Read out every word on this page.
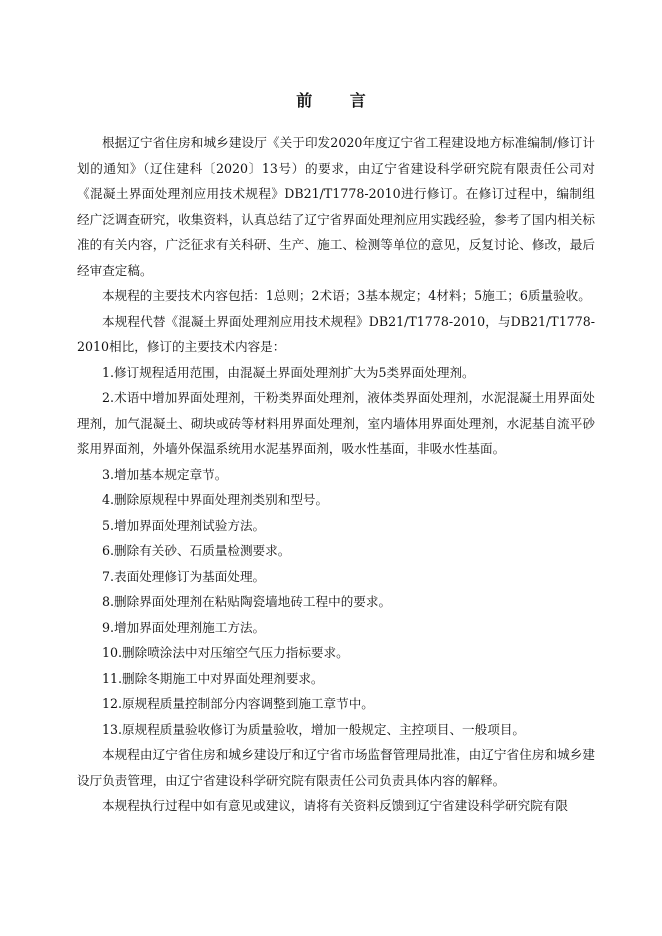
前 言

根据辽宁省住房和城乡建设厅《关于印发2020年度辽宁省工程建设地方标准编制/修订计划的通知》（辽住建科〔2020〕13号）的要求，由辽宁省建设科学研究院有限责任公司对《混凝土界面处理剂应用技术规程》DB21/T1778-2010进行修订。在修订过程中，编制组经广泛调查研究，收集资料，认真总结了辽宁省界面处理剂应用实践经验，参考了国内相关标准的有关内容，广泛征求有关科研、生产、施工、检测等单位的意见，反复讨论、修改，最后经审查定稿。

本规程的主要技术内容包括：1总则；2术语；3基本规定；4材料；5施工；6质量验收。

本规程代替《混凝土界面处理剂应用技术规程》DB21/T1778-2010，与DB21/T1778-2010相比，修订的主要技术内容是：

1.修订规程适用范围，由混凝土界面处理剂扩大为5类界面处理剂。

2.术语中增加界面处理剂，干粉类界面处理剂，液体类界面处理剂，水泥混凝土用界面处理剂，加气混凝土、砌块或砖等材料用界面处理剂，室内墙体用界面处理剂，水泥基自流平砂浆用界面剂，外墙外保温系统用水泥基界面剂，吸水性基面，非吸水性基面。

3.增加基本规定章节。

4.删除原规程中界面处理剂类别和型号。

5.增加界面处理剂试验方法。

6.删除有关砂、石质量检测要求。

7.表面处理修订为基面处理。

8.删除界面处理剂在粘贴陶瓷墙地砖工程中的要求。

9.增加界面处理剂施工方法。

10.删除喷涂法中对压缩空气压力指标要求。

11.删除冬期施工中对界面处理剂要求。

12.原规程质量控制部分内容调整到施工章节中。

13.原规程质量验收修订为质量验收，增加一般规定、主控项目、一般项目。

本规程由辽宁省住房和城乡建设厅和辽宁省市场监督管理局批准，由辽宁省住房和城乡建设厅负责管理，由辽宁省建设科学研究院有限责任公司负责具体内容的解释。

本规程执行过程中如有意见或建议，请将有关资料反馈到辽宁省建设科学研究院有限
